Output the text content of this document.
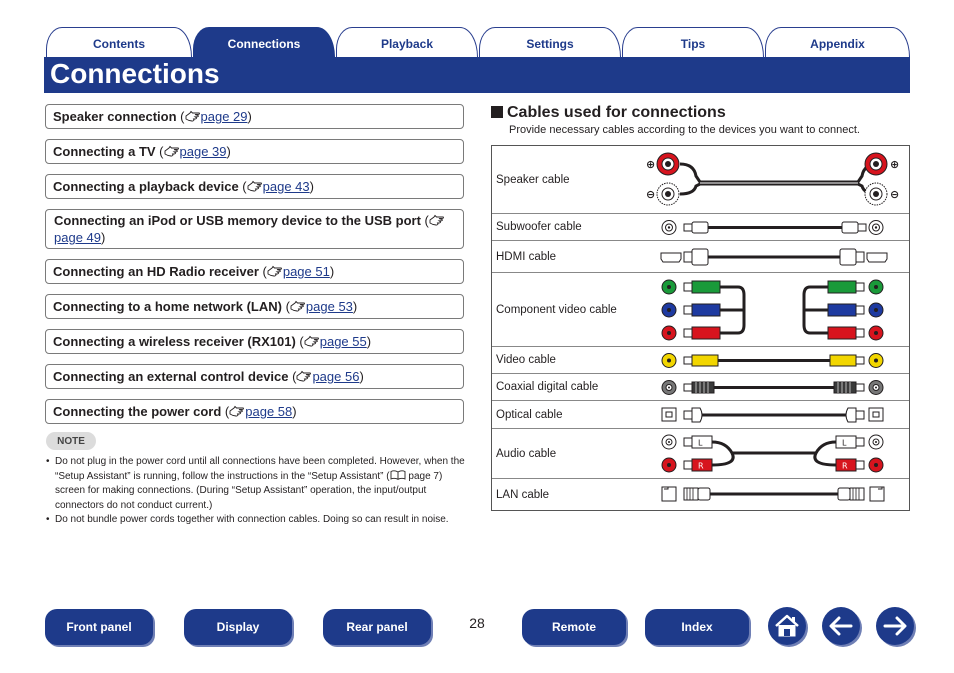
Contents	Connections	Playback	Settings	Tips	Appendix
Connections
Speaker connection ( page 29)
Connecting a TV ( page 39)
Connecting a playback device ( page 43)
Connecting an iPod or USB memory device to the USB port (page 49)
Connecting an HD Radio receiver ( page 51)
Connecting to a home network (LAN) ( page 53)
Connecting a wireless receiver (RX101) ( page 55)
Connecting an external control device ( page 56)
Connecting the power cord ( page 58)
NOTE
• Do not plug in the power cord until all connections have been completed. However, when the “Setup Assistant” is running, follow the instructions in the “Setup Assistant” ( page 7) screen for making connections. (During “Setup Assistant” operation, the input/output connectors do not conduct current.)
• Do not bundle power cords together with connection cables. Doing so can result in noise.
Cables used for connections
Provide necessary cables according to the devices you want to connect.
Speaker cable
⊕
⊖
⊕
⊖
Subwoofer cable
HDMI cable
Component video cable
Video cable
Coaxial digital cable
Optical cable
Audio cable
L
R
L
R
LAN cable
Front panel	Display	Rear panel	28	Remote	Index
